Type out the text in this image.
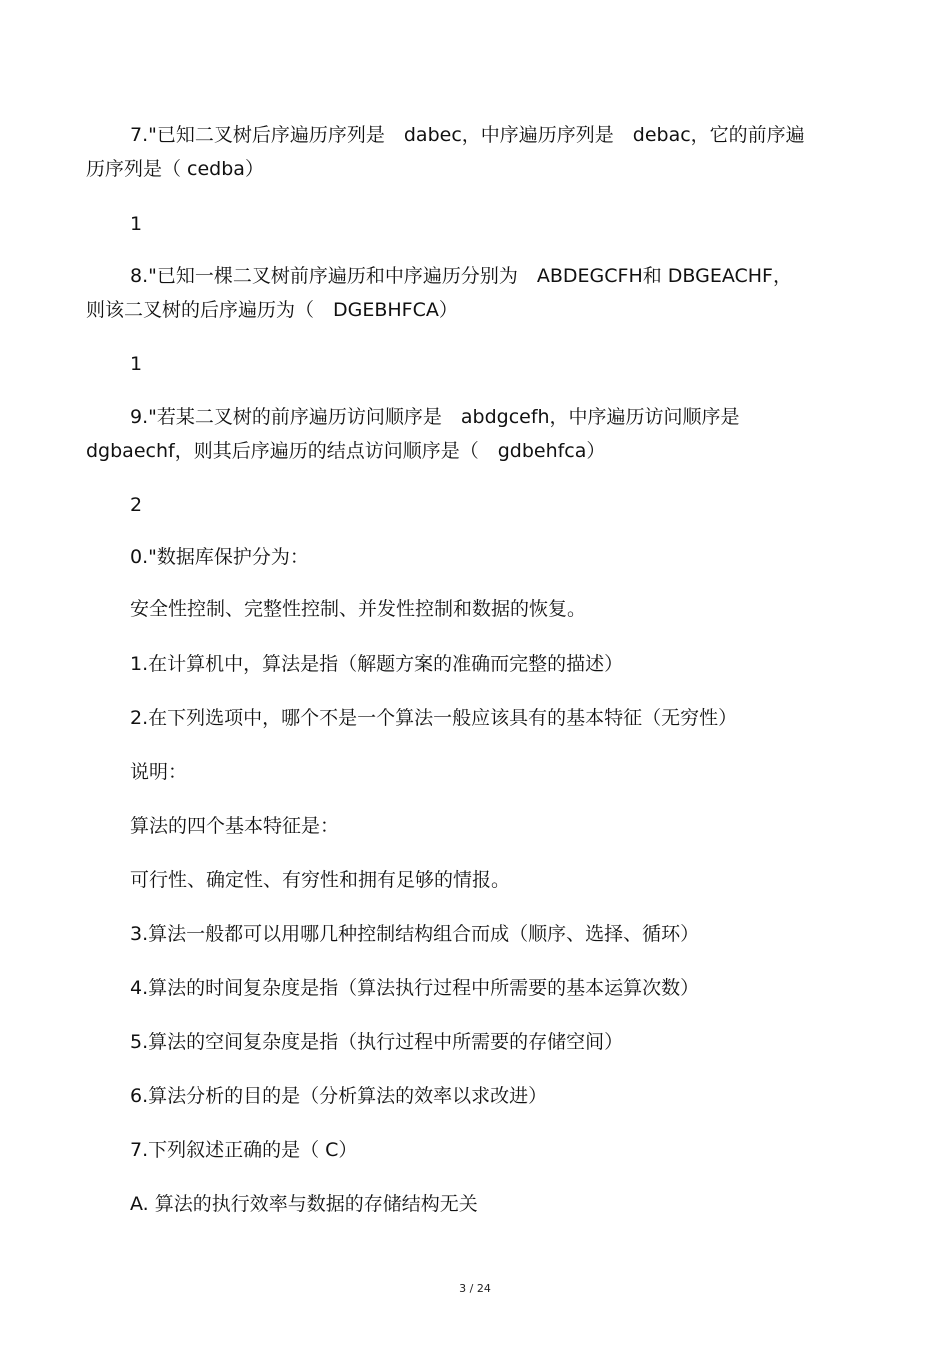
7."已知二叉树后序遍历序列是　dabec，中序遍历序列是　debac，它的前序遍
历序列是（ cedba）
1
8."已知一棵二叉树前序遍历和中序遍历分别为　ABDEGCFH和 DBGEACHF，
则该二叉树的后序遍历为（　DGEBHFCA）
1
9."若某二叉树的前序遍历访问顺序是　abdgcefh，中序遍历访问顺序是
dgbaechf，则其后序遍历的结点访问顺序是（　gdbehfca）
2
0."数据库保护分为：
安全性控制、完整性控制、并发性控制和数据的恢复。
1.在计算机中，算法是指（解题方案的准确而完整的描述）
2.在下列选项中，哪个不是一个算法一般应该具有的基本特征（无穷性）
说明：
算法的四个基本特征是：
可行性、确定性、有穷性和拥有足够的情报。
3.算法一般都可以用哪几种控制结构组合而成（顺序、选择、循环）
4.算法的时间复杂度是指（算法执行过程中所需要的基本运算次数）
5.算法的空间复杂度是指（执行过程中所需要的存储空间）
6.算法分析的目的是（分析算法的效率以求改进）
7.下列叙述正确的是（ C）
A. 算法的执行效率与数据的存储结构无关
3 / 24
